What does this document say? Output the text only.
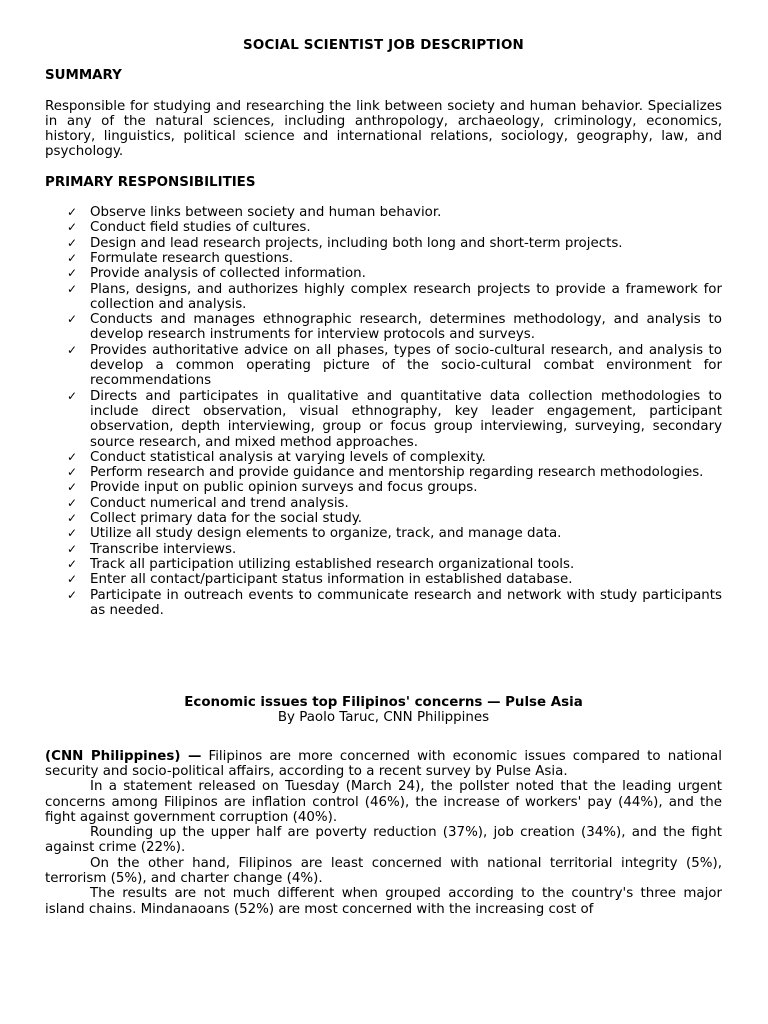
SOCIAL SCIENTIST JOB DESCRIPTION
SUMMARY
Responsible for studying and researching the link between society and human behavior. Specializes in any of the natural sciences, including anthropology, archaeology, criminology, economics, history, linguistics, political science and international relations, sociology, geography, law, and psychology.
PRIMARY RESPONSIBILITIES
✓ Observe links between society and human behavior.
✓ Conduct field studies of cultures.
✓ Design and lead research projects, including both long and short-term projects.
✓ Formulate research questions.
✓ Provide analysis of collected information.
✓ Plans, designs, and authorizes highly complex research projects to provide a framework for collection and analysis.
✓ Conducts and manages ethnographic research, determines methodology, and analysis to develop research instruments for interview protocols and surveys.
✓ Provides authoritative advice on all phases, types of socio-cultural research, and analysis to develop a common operating picture of the socio-cultural combat environment for recommendations
✓ Directs and participates in qualitative and quantitative data collection methodologies to include direct observation, visual ethnography, key leader engagement, participant observation, depth interviewing, group or focus group interviewing, surveying, secondary source research, and mixed method approaches.
✓ Conduct statistical analysis at varying levels of complexity.
✓ Perform research and provide guidance and mentorship regarding research methodologies.
✓ Provide input on public opinion surveys and focus groups.
✓ Conduct numerical and trend analysis.
✓ Collect primary data for the social study.
✓ Utilize all study design elements to organize, track, and manage data.
✓ Transcribe interviews.
✓ Track all participation utilizing established research organizational tools.
✓ Enter all contact/participant status information in established database.
✓ Participate in outreach events to communicate research and network with study participants as needed.
Economic issues top Filipinos' concerns — Pulse Asia
By Paolo Taruc, CNN Philippines

(CNN Philippines) — Filipinos are more concerned with economic issues compared to national security and socio-political affairs, according to a recent survey by Pulse Asia.

In a statement released on Tuesday (March 24), the pollster noted that the leading urgent concerns among Filipinos are inflation control (46%), the increase of workers' pay (44%), and the fight against government corruption (40%).

Rounding up the upper half are poverty reduction (37%), job creation (34%), and the fight against crime (22%).

On the other hand, Filipinos are least concerned with national territorial integrity (5%), terrorism (5%), and charter change (4%).

The results are not much different when grouped according to the country's three major island chains. Mindanaoans (52%) are most concerned with the increasing cost of
